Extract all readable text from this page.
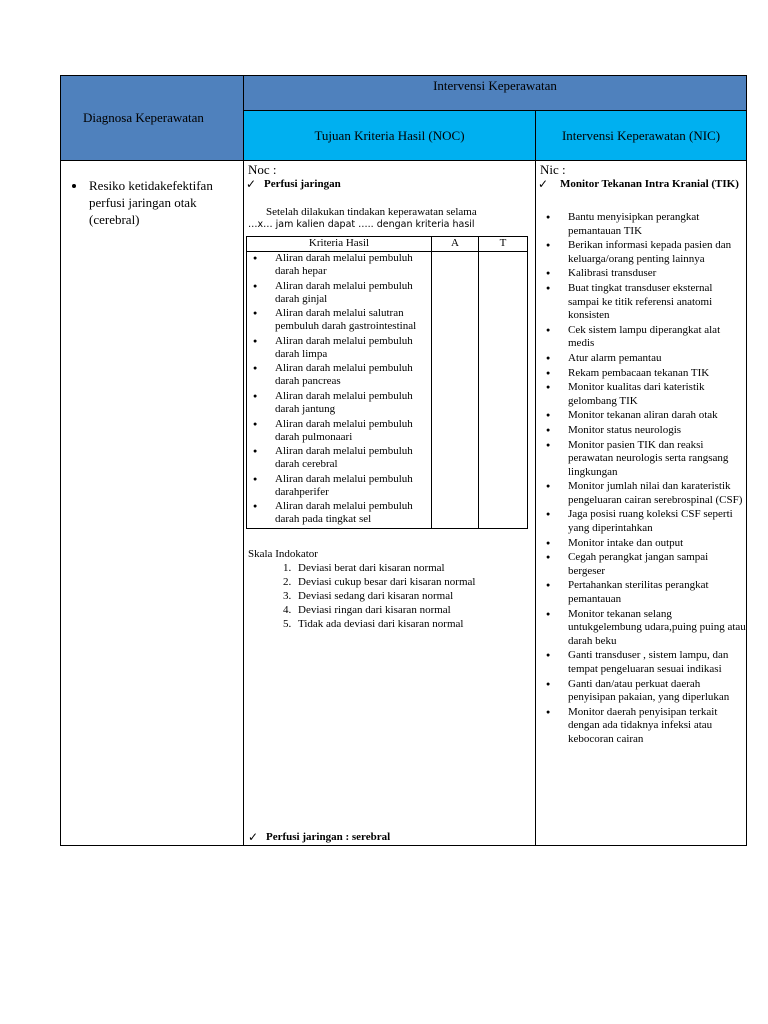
Diagnosa Keperawatan

Intervensi Keperawatan

Tujuan Kriteria Hasil (NOC)	Intervensi Keperawatan (NIC)

• Resiko ketidakefektifan perfusi jaringan otak (cerebral)

Noc :
✓ Perfusi jaringan
Setelah dilakukan tindakan keperawatan selama
…x… jam kalien dapat ….. dengan kriteria hasil
Kriteria Hasil	A	T

● Aliran darah melalui pembuluh darah hepar
● Aliran darah melalui pembuluh darah ginjal
● Aliran darah melalui salutran pembuluh darah gastrointestinal
● Aliran darah melalui pembuluh darah limpa
● Aliran darah melalui pembuluh darah pancreas
● Aliran darah melalui pembuluh darah jantung
● Aliran darah melalui pembuluh darah pulmonaari
● Aliran darah melalui pembuluh darah cerebral
● Aliran darah melalui pembuluh darahperifer
● Aliran darah melalui pembuluh darah pada tingkat sel

Skala Indokator
1. Deviasi berat dari kisaran normal
2. Deviasi cukup besar dari kisaran normal
3. Deviasi sedang dari kisaran normal
4. Deviasi ringan dari kisaran normal
5. Tidak ada deviasi dari kisaran normal
✓ Perfusi jaringan : serebral

Nic :
✓	Monitor Tekanan Intra Kranial (TIK)
● Bantu menyisipkan perangkat pemantauan TIK
● Berikan informasi kepada pasien dan keluarga/orang penting lainnya
● Kalibrasi transduser
● Buat tingkat transduser eksternal sampai ke titik referensi anatomi konsisten
● Cek sistem lampu diperangkat alat medis
● Atur alarm pemantau
● Rekam pembacaan tekanan TIK
● Monitor kualitas dari kateristik gelombang TIK
● Monitor tekanan aliran darah otak
● Monitor status neurologis
● Monitor pasien TIK dan reaksi perawatan neurologis serta rangsang lingkungan
● Monitor jumlah nilai dan karateristik pengeluaran cairan serebrospinal (CSF)
● Jaga posisi ruang koleksi CSF seperti yang diperintahkan
● Monitor intake dan output
● Cegah perangkat jangan sampai bergeser
● Pertahankan sterilitas perangkat pemantauan
● Monitor tekanan selang untukgelembung udara,puing puing atau darah beku
● Ganti transduser , sistem lampu, dan tempat pengeluaran sesuai indikasi
● Ganti dan/atau perkuat daerah penyisipan pakaian, yang diperlukan
● Monitor daerah penyisipan terkait dengan ada tidaknya infeksi atau kebocoran cairan
